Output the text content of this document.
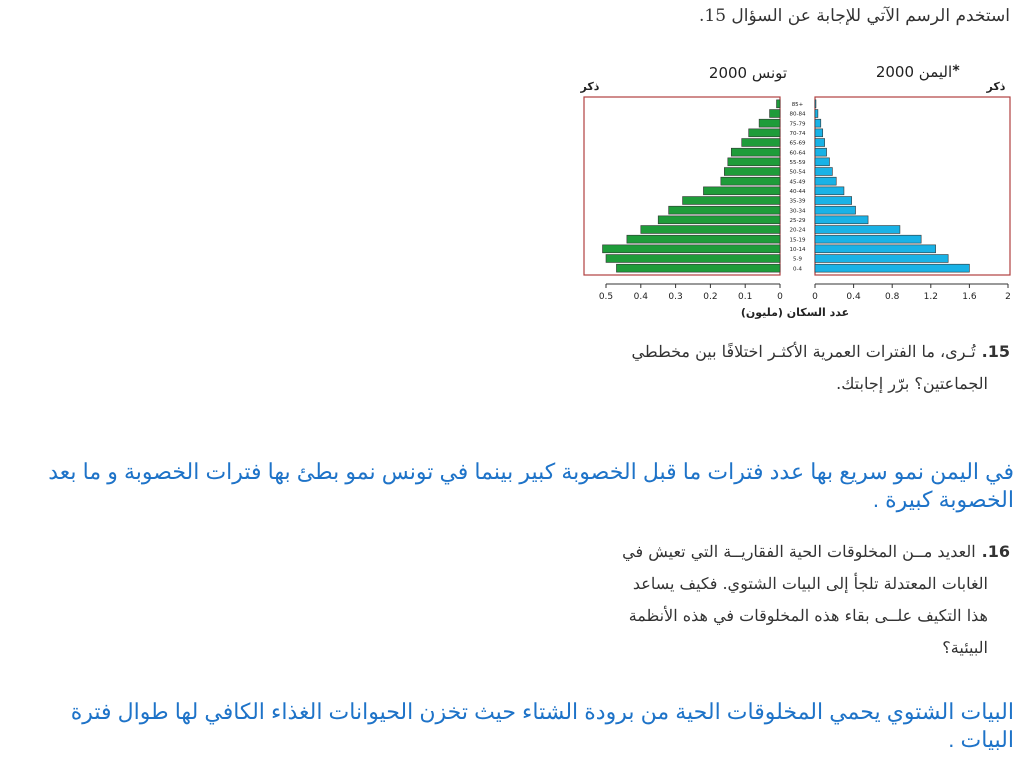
استخدم الرسم الآتي للإجابة عن السؤال 15.
تونس 2000
ذكر
اليمن 2000 *
ذكر
85+
80-84
75-79
70-74
65-69
60-64
55-59
50-54
45-49
40-44
35-39
30-34
25-29
20-24
15-19
10-14
5-9
0-4
0.5 0.4 0.3 0.2 0.1	0	0	0.4	0.8	1.2	1.6	2
عدد السكان (مليون)
15.تُـرى، ما الفترات العمرية الأكثـر اختلافًا بين مخططي
الجماعتين؟ برّر إجابتك.
في اليمن نمو سريع بها عدد فترات ما قبل الخصوبة كبير بينما في تونس نمو بطئ بها فترات الخصوبة و ما بعد
الخصوبة كبيرة .
16.العديد مــن المخلوقات الحية الفقاريــة التي تعيش في
الغابات المعتدلة تلجأ إلى البيات الشتوي. فكيف يساعد
هذا التكيف علــى بقاء هذه المخلوقات في هذه الأنظمة
البيئية؟
البيات الشتوي يحمي المخلوقات الحية من برودة الشتاء حيث تخزن الحيوانات الغذاء الكافي لها طوال فترة
البيات .
